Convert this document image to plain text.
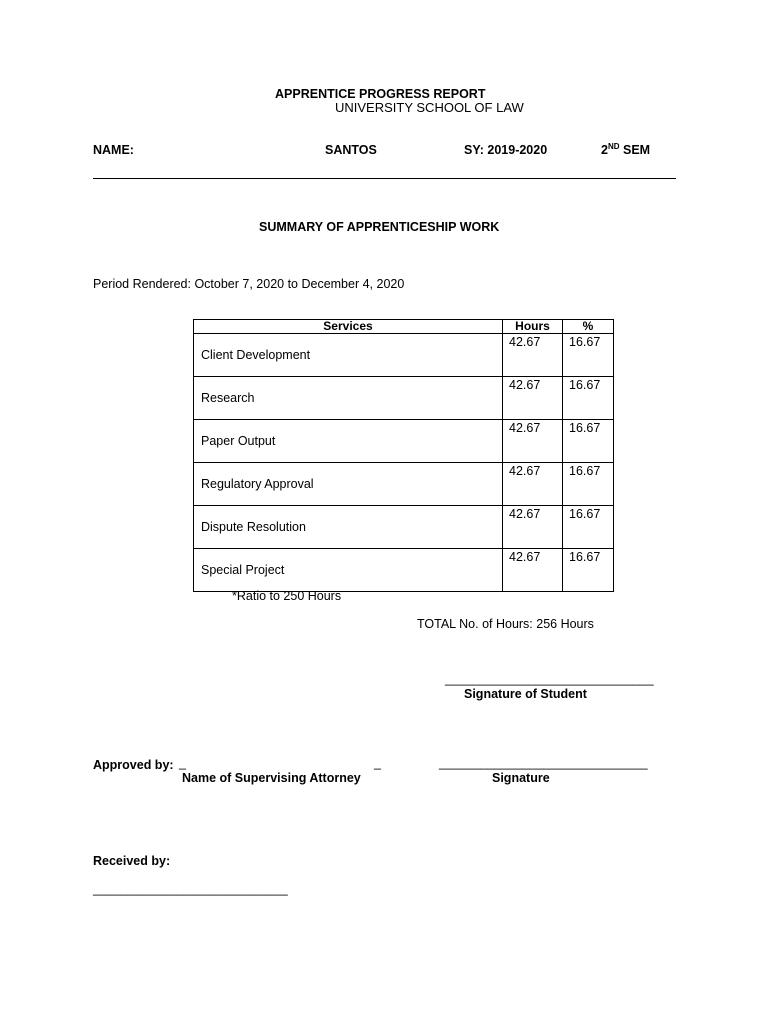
APPRENTICE PROGRESS REPORT
UNIVERSITY SCHOOL OF LAW
NAME:	SANTOS	SY: 2019-2020	2ND SEM
SUMMARY OF APPRENTICESHIP WORK
Period Rendered: October 7, 2020 to December 4, 2020
Services	Hours	%
Client Development	42.67	16.67
Research	42.67	16.67
Paper Output	42.67	16.67
Regulatory Approval	42.67	16.67
Dispute Resolution	42.67	16.67
Special Project	42.67	16.67
*Ratio to 250 Hours
TOTAL No. of Hours: 256 Hours
______________________________
Signature of Student
Approved by: _	_
Name of Supervising Attorney
______________________________
Signature
Received by:
____________________________
